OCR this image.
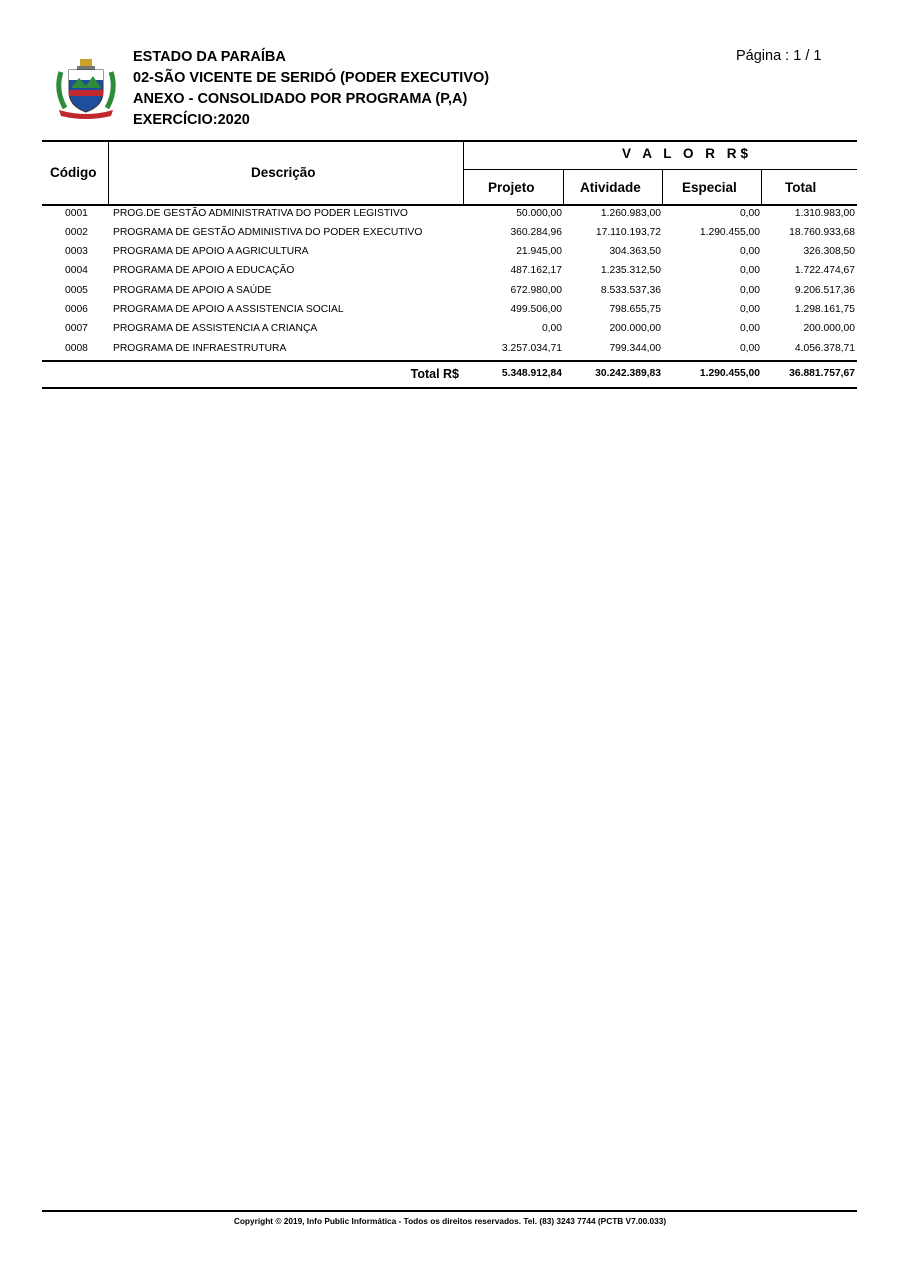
ESTADO DA PARAÍBA
02-SÃO VICENTE DE SERIDÓ (PODER EXECUTIVO)
ANEXO - CONSOLIDADO POR PROGRAMA (P,A)
EXERCÍCIO:2020
Página : 1 / 1
Código	Descrição
V A L O R R$
Projeto	Atividade	Especial	Total
0001 PROG.DE GESTÃO ADMINISTRATIVA DO PODER LEGISTIVO	50.000,00	1.260.983,00	0,00	1.310.983,00
0002 PROGRAMA DE GESTÃO ADMINISTIVA DO PODER EXECUTIVO	360.284,96	17.110.193,72	1.290.455,00	18.760.933,68
0003 PROGRAMA DE APOIO A AGRICULTURA	21.945,00	304.363,50	0,00	326.308,50
0004 PROGRAMA DE APOIO A EDUCAÇÃO	487.162,17	1.235.312,50	0,00	1.722.474,67
0005 PROGRAMA DE APOIO A SAÚDE	672.980,00	8.533.537,36	0,00	9.206.517,36
0006 PROGRAMA DE APOIO A ASSISTENCIA SOCIAL	499.506,00	798.655,75	0,00	1.298.161,75
0007 PROGRAMA DE ASSISTENCIA A CRIANÇA	0,00	200.000,00	0,00	200.000,00
0008 PROGRAMA DE INFRAESTRUTURA	3.257.034,71	799.344,00	0,00	4.056.378,71
Total R$	5.348.912,84	30.242.389,83	1.290.455,00	36.881.757,67
Copyright © 2019, Info Public Informática - Todos os direitos reservados. Tel. (83) 3243 7744 (PCTB V7.00.033)
